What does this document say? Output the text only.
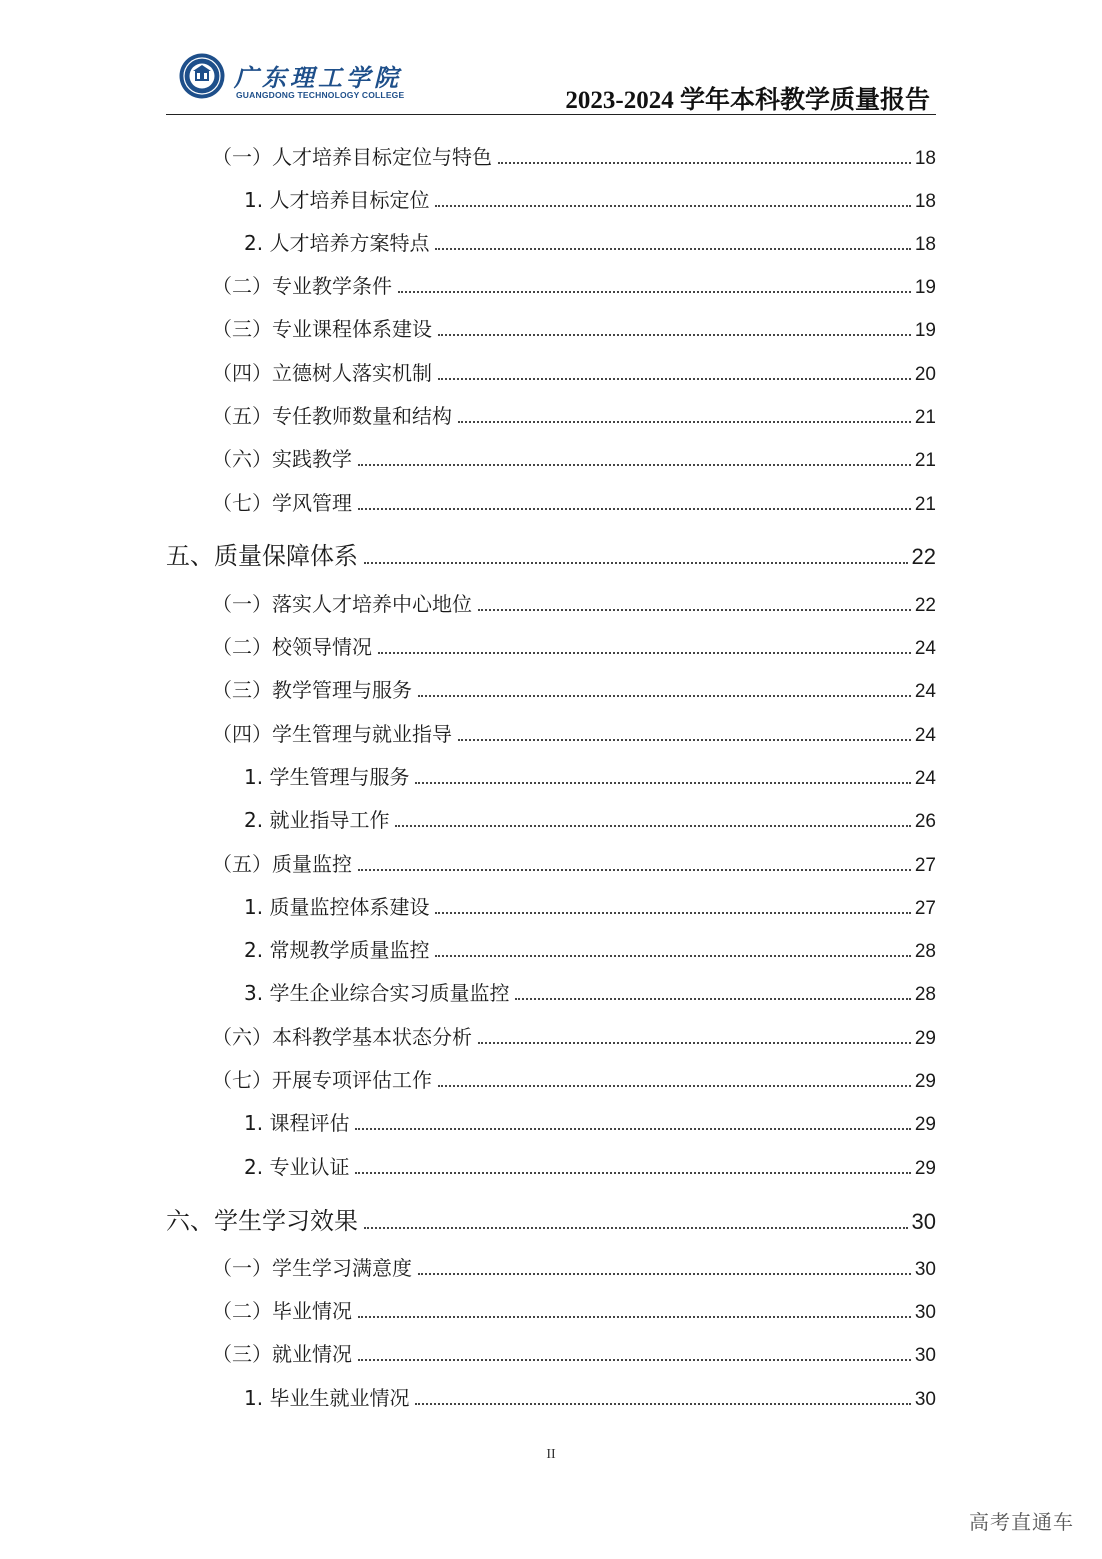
广东理工学院
GUANGDONG TECHNOLOGY COLLEGE	2023-2024 学年本科教学质量报告
（一）人才培养目标定位与特色	18
1. 人才培养目标定位	18
2. 人才培养方案特点	18
（二）专业教学条件	19
（三）专业课程体系建设	19
（四）立德树人落实机制	20
（五）专任教师数量和结构	21
（六）实践教学	21
（七）学风管理	21
五、质量保障体系	22
（一）落实人才培养中心地位	22
（二）校领导情况	24
（三）教学管理与服务	24
（四）学生管理与就业指导	24
1. 学生管理与服务	24
2. 就业指导工作	26
（五）质量监控	27
1. 质量监控体系建设	27
2. 常规教学质量监控	28
3. 学生企业综合实习质量监控	28
（六）本科教学基本状态分析	29
（七）开展专项评估工作	29
1. 课程评估	29
2. 专业认证	29
六、学生学习效果	30
（一）学生学习满意度	30
（二）毕业情况	30
（三）就业情况	30
1. 毕业生就业情况	30
II
高考直通车
